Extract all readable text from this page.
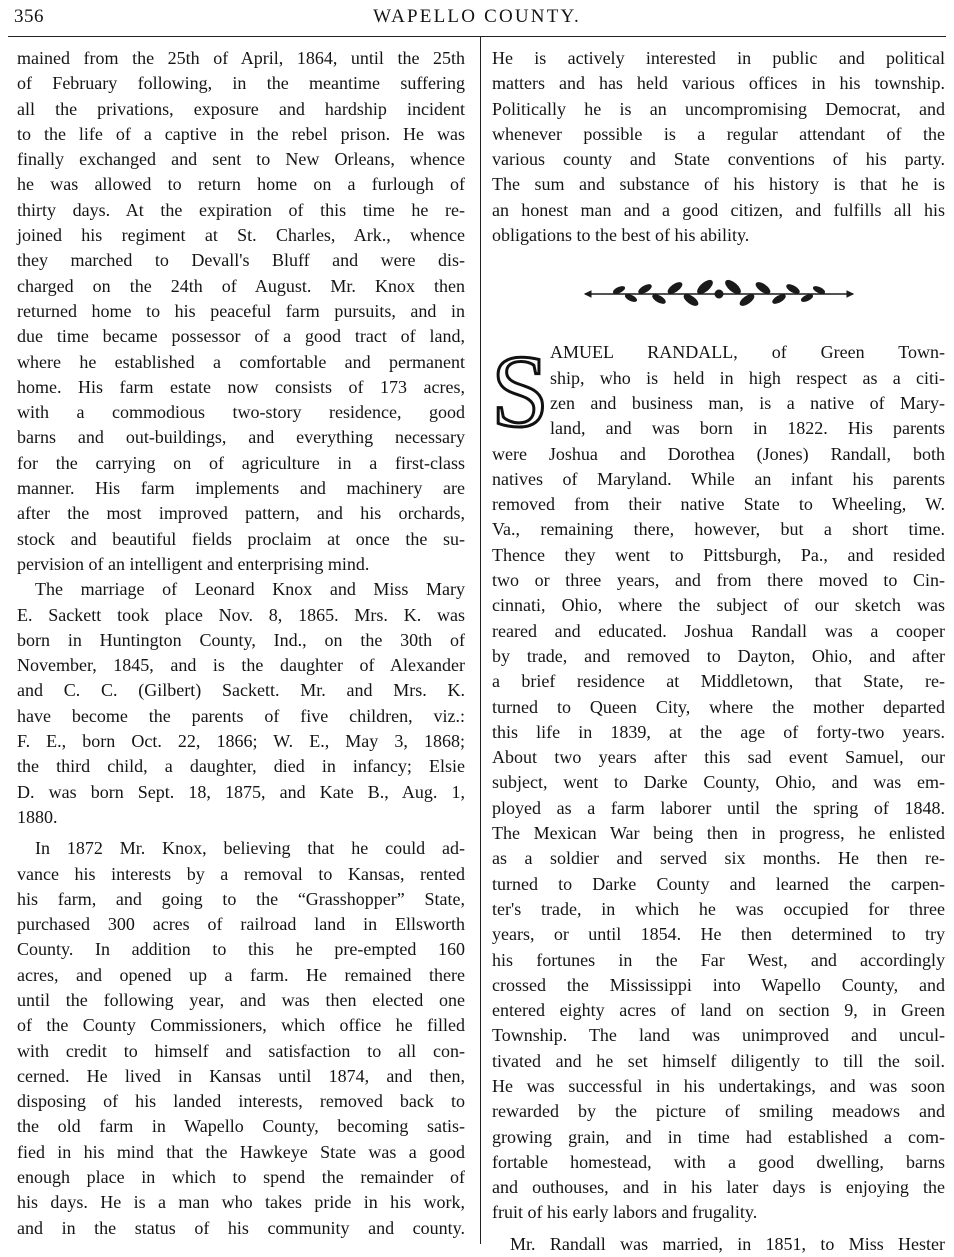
356	WAPELLO COUNTY.
mained from the 25th of April, 1864, until the 25th
of February following, in the meantime suffering
all the privations, exposure and hardship incident
to the life of a captive in the rebel prison. He was
finally exchanged and sent to New Orleans, whence
he was allowed to return home on a furlough of
thirty days. At the expiration of this time he re-
joined his regiment at St. Charles, Ark., whence
they marched to Devall's Bluff and were dis-
charged on the 24th of August. Mr. Knox then
returned home to his peaceful farm pursuits, and in
due time became possessor of a good tract of land,
where he established a comfortable and permanent
home. His farm estate now consists of 173 acres,
with a commodious two-story residence, good
barns and out-buildings, and everything necessary
for the carrying on of agriculture in a first-class
manner. His farm implements and machinery are
after the most improved pattern, and his orchards,
stock and beautiful fields proclaim at once the su-
pervision of an intelligent and enterprising mind.
The marriage of Leonard Knox and Miss Mary
E. Sackett took place Nov. 8, 1865. Mrs. K. was
born in Huntington County, Ind., on the 30th of
November, 1845, and is the daughter of Alexander
and C. C. (Gilbert) Sackett. Mr. and Mrs. K.
have become the parents of five children, viz.:
F. E., born Oct. 22, 1866; W. E., May 3, 1868;
the third child, a daughter, died in infancy; Elsie
D. was born Sept. 18, 1875, and Kate B., Aug. 1,
1880.
In 1872 Mr. Knox, believing that he could ad-
vance his interests by a removal to Kansas, rented
his farm, and going to the “Grasshopper” State,
purchased 300 acres of railroad land in Ellsworth
County. In addition to this he pre-empted 160
acres, and opened up a farm. He remained there
until the following year, and was then elected one
of the County Commissioners, which office he filled
with credit to himself and satisfaction to all con-
cerned. He lived in Kansas until 1874, and then,
disposing of his landed interests, removed back to
the old farm in Wapello County, becoming satis-
fied in his mind that the Hawkeye State was a good
enough place in which to spend the remainder of
his days. He is a man who takes pride in his work,
and in the status of his community and county.
He is actively interested in public and political
matters and has held various offices in his township.
Politically he is an uncompromising Democrat, and
whenever possible is a regular attendant of the
various county and State conventions of his party.
The sum and substance of his history is that he is
an honest man and a good citizen, and fulfills all his
obligations to the best of his ability.
S AMUEL RANDALL, of Green Town-
ship, who is held in high respect as a citi-
zen and business man, is a native of Mary-
land, and was born in 1822. His parents
were Joshua and Dorothea (Jones) Randall, both
natives of Maryland. While an infant his parents
removed from their native State to Wheeling, W.
Va., remaining there, however, but a short time.
Thence they went to Pittsburgh, Pa., and resided
two or three years, and from there moved to Cin-
cinnati, Ohio, where the subject of our sketch was
reared and educated. Joshua Randall was a cooper
by trade, and removed to Dayton, Ohio, and after
a brief residence at Middletown, that State, re-
turned to Queen City, where the mother departed
this life in 1839, at the age of forty-two years.
About two years after this sad event Samuel, our
subject, went to Darke County, Ohio, and was em-
ployed as a farm laborer until the spring of 1848.
The Mexican War being then in progress, he enlisted
as a soldier and served six months. He then re-
turned to Darke County and learned the carpen-
ter's trade, in which he was occupied for three
years, or until 1854. He then determined to try
his fortunes in the Far West, and accordingly
crossed the Mississippi into Wapello County, and
entered eighty acres of land on section 9, in Green
Township. The land was unimproved and uncul-
tivated and he set himself diligently to till the soil.
He was successful in his undertakings, and was soon
rewarded by the picture of smiling meadows and
growing grain, and in time had established a com-
fortable homestead, with a good dwelling, barns
and outhouses, and in his later days is enjoying the
fruit of his early labors and frugality.
Mr. Randall was married, in 1851, to Miss Hester
